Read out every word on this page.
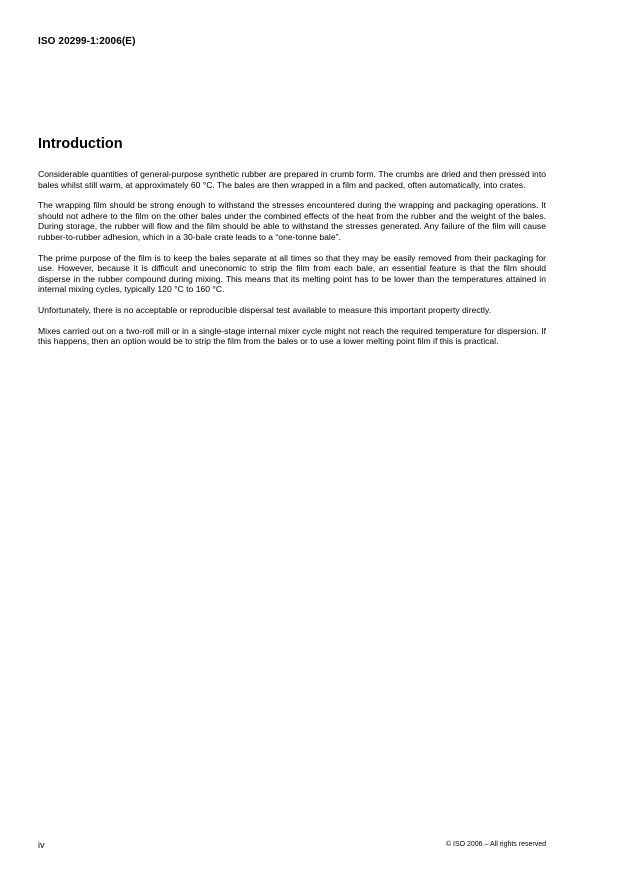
ISO 20299-1:2006(E)
Introduction

Considerable quantities of general-purpose synthetic rubber are prepared in crumb form. The crumbs are dried and then pressed into bales whilst still warm, at approximately 60 °C. The bales are then wrapped in a film and packed, often automatically, into crates.

The wrapping film should be strong enough to withstand the stresses encountered during the wrapping and packaging operations. It should not adhere to the film on the other bales under the combined effects of the heat from the rubber and the weight of the bales. During storage, the rubber will flow and the film should be able to withstand the stresses generated. Any failure of the film will cause rubber-to-rubber adhesion, which in a 30-bale crate leads to a “one-tonne bale”.

The prime purpose of the film is to keep the bales separate at all times so that they may be easily removed from their packaging for use. However, because it is difficult and uneconomic to strip the film from each bale, an essential feature is that the film should disperse in the rubber compound during mixing. This means that its melting point has to be lower than the temperatures attained in internal mixing cycles, typically 120 °C to 160 °C.

Unfortunately, there is no acceptable or reproducible dispersal test available to measure this important property directly.

Mixes carried out on a two-roll mill or in a single-stage internal mixer cycle might not reach the required temperature for dispersion. If this happens, then an option would be to strip the film from the bales or to use a lower melting point film if this is practical.

iv	© ISO 2006 – All rights reserved
